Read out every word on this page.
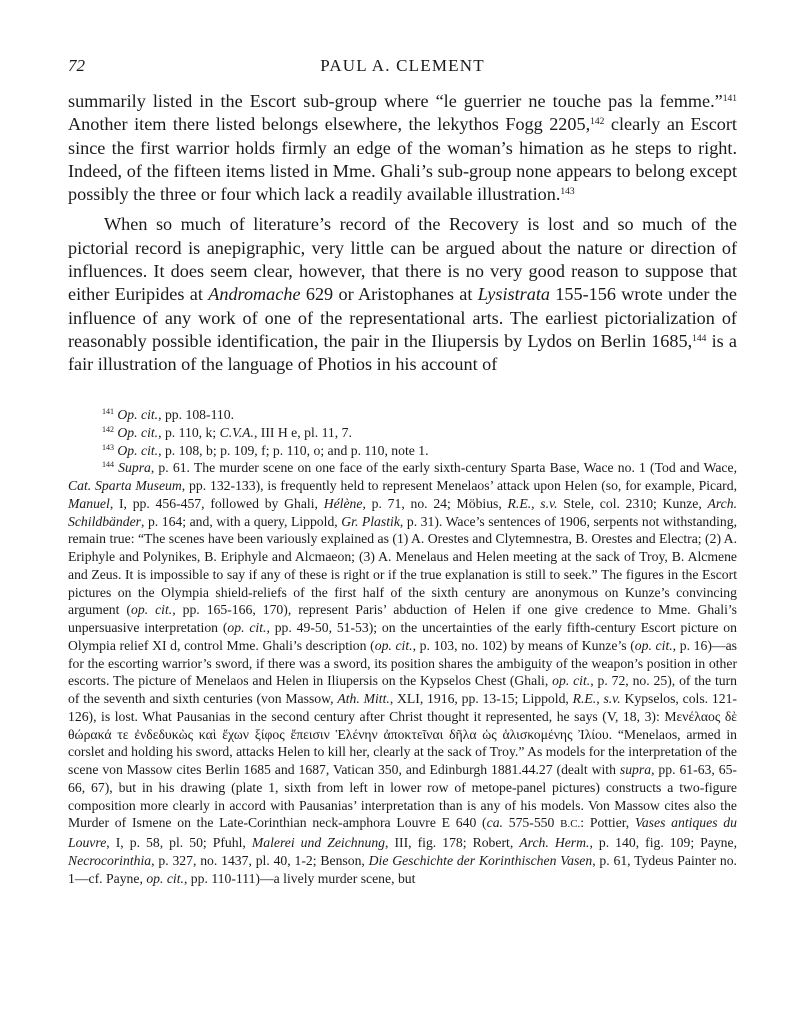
72	PAUL A. CLEMENT

summarily listed in the Escort sub-group where “le guerrier ne touche pas la femme.”$^{141}$ Another item there listed belongs elsewhere, the lekythos Fogg 2205,$^{142}$ clearly an Escort since the first warrior holds firmly an edge of the woman’s himation as he steps to right. Indeed, of the fifteen items listed in Mme. Ghali’s sub-group none appears to belong except possibly the three or four which lack a readily available illustration.$^{143}$

When so much of literature’s record of the Recovery is lost and so much of the pictorial record is anepigraphic, very little can be argued about the nature or direction of influences. It does seem clear, however, that there is no very good reason to suppose that either Euripides at Andromache 629 or Aristophanes at Lysistrata 155-156 wrote under the influence of any work of one of the representational arts. The earliest pictorialization of reasonably possible identification, the pair in the Iliupersis by Lydos on Berlin 1685,$^{144}$ is a fair illustration of the language of Photios in his account of

$^{141}$ Op. cit., pp. 108-110.

$^{142}$ Op. cit., p. 110, k; C.V.A., III H e, pl. 11, 7.

$^{143}$ Op. cit., p. 108, b; p. 109, f; p. 110, o; and p. 110, note 1.

$^{144}$ Supra, p. 61. The murder scene on one face of the early sixth-century Sparta Base, Wace no. 1 (Tod and Wace, Cat. Sparta Museum, pp. 132-133), is frequently held to represent Menelaos’ attack upon Helen (so, for example, Picard, Manuel, I, pp. 456-457, followed by Ghali, Hélène, p. 71, no. 24; Möbius, R.E., s.v. Stele, col. 2310; Kunze, Arch. Schildbänder, p. 164; and, with a query, Lippold, Gr. Plastik, p. 31). Wace’s sentences of 1906, serpents not withstanding, remain true: “The scenes have been variously explained as (1) A. Orestes and Clytemnestra, B. Orestes and Electra; (2) A. Eriphyle and Polynikes, B. Eriphyle and Alcmaeon; (3) A. Menelaus and Helen meeting at the sack of Troy, B. Alcmene and Zeus. It is impossible to say if any of these is right or if the true explanation is still to seek.” The figures in the Escort pictures on the Olympia shield-reliefs of the first half of the sixth century are anonymous on Kunze’s convincing argument (op. cit., pp. 165-166, 170), represent Paris’ abduction of Helen if one give credence to Mme. Ghali’s unpersuasive interpretation (op. cit., pp. 49-50, 51-53); on the uncertainties of the early fifth-century Escort picture on Olympia relief XI d, control Mme. Ghali’s description (op. cit., p. 103, no. 102) by means of Kunze’s (op. cit., p. 16)—as for the escorting warrior’s sword, if there was a sword, its position shares the ambiguity of the weapon’s position in other escorts. The picture of Menelaos and Helen in Iliupersis on the Kypselos Chest (Ghali, op. cit., p. 72, no. 25), of the turn of the seventh and sixth centuries (von Massow, Ath. Mitt., XLI, 1916, pp. 13-15; Lippold, R.E., s.v. Kypselos, cols. 121-126), is lost. What Pausanias in the second century after Christ thought it represented, he says (V, 18, 3): Μενέλαος δὲ θώρακά τε ἐνδεδυκὼς καὶ ἔχων ξίφος ἔπεισιν Ἑλένην ἀποκτεῖναι δῆλα ὡς ἁλισκομένης Ἰλίου. “Menelaos, armed in corslet and holding his sword, attacks Helen to kill her, clearly at the sack of Troy.” As models for the interpretation of the scene von Massow cites Berlin 1685 and 1687, Vatican 350, and Edinburgh 1881.44.27 (dealt with supra, pp. 61-63, 65-66, 67), but in his drawing (plate 1, sixth from left in lower row of metope-panel pictures) constructs a two-figure composition more clearly in accord with Pausanias’ interpretation than is any of his models. Von Massow cites also the Murder of Ismene on the Late-Corinthian neck-amphora Louvre E 640 (ca. 575-550 B.C.: Pottier, Vases antiques du Louvre, I, p. 58, pl. 50; Pfuhl, Malerei und Zeichnung, III, fig. 178; Robert, Arch. Herm., p. 140, fig. 109; Payne, Necrocorinthia, p. 327, no. 1437, pl. 40, 1-2; Benson, Die Geschichte der Korinthischen Vasen, p. 61, Tydeus Painter no. 1—cf. Payne, op. cit., pp. 110-111)—a lively murder scene, but
